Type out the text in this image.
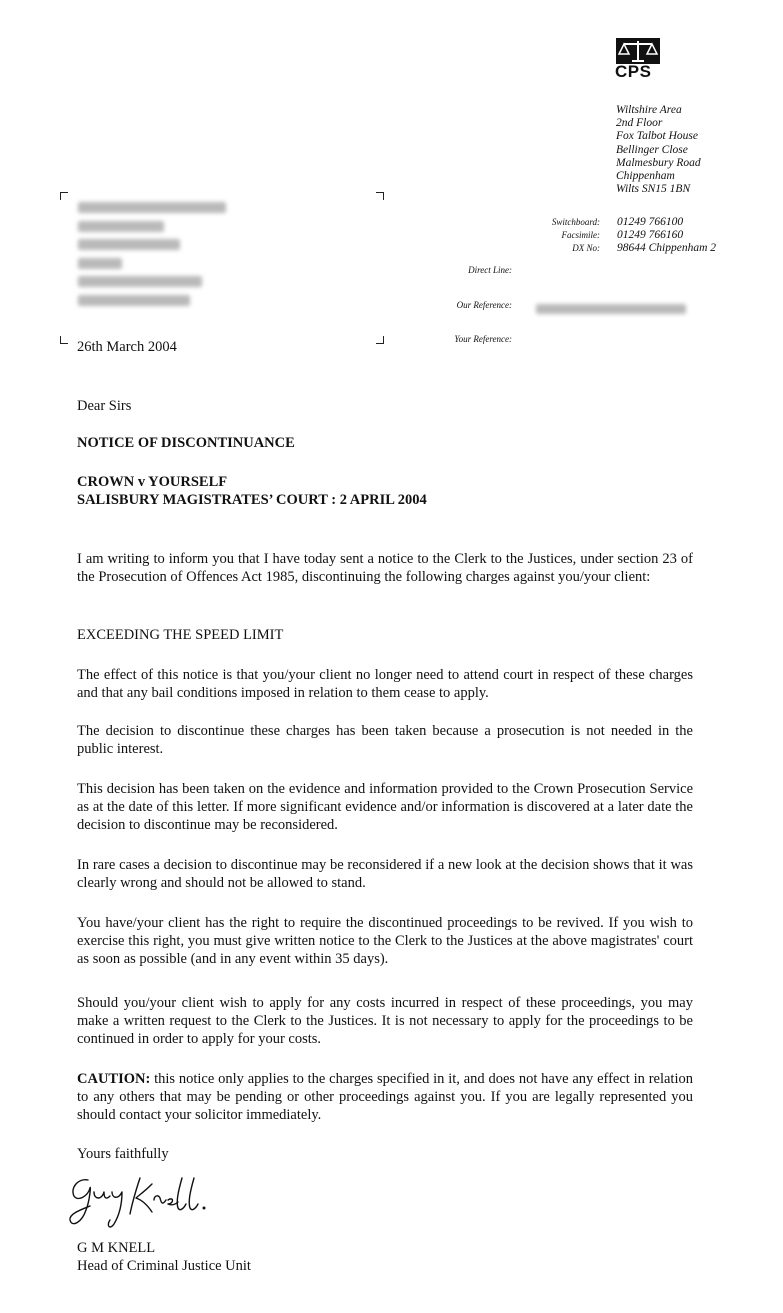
CPS
Wiltshire Area
2nd Floor
Fox Talbot House
Bellinger Close
Malmesbury Road
Chippenham
Wilts SN15 1BN
Switchboard:
Facsimile:
DX No:
01249 766100
01249 766160
98644 Chippenham 2
Direct Line:
Our Reference:
Your Reference:
26th March 2004
Dear Sirs
NOTICE OF DISCONTINUANCE
CROWN v YOURSELF
SALISBURY MAGISTRATES’ COURT : 2 APRIL 2004

I am writing to inform you that I have today sent a notice to the Clerk to the Justices, under section 23 of the Prosecution of Offences Act 1985, discontinuing the following charges against you/your client:

EXCEEDING THE SPEED LIMIT

The effect of this notice is that you/your client no longer need to attend court in respect of these charges and that any bail conditions imposed in relation to them cease to apply.

The decision to discontinue these charges has been taken because a prosecution is not needed in the public interest.

This decision has been taken on the evidence and information provided to the Crown Prosecution Service as at the date of this letter. If more significant evidence and/or information is discovered at a later date the decision to discontinue may be reconsidered.

In rare cases a decision to discontinue may be reconsidered if a new look at the decision shows that it was clearly wrong and should not be allowed to stand.

You have/your client has the right to require the discontinued proceedings to be revived. If you wish to exercise this right, you must give written notice to the Clerk to the Justices at the above magistrates' court as soon as possible (and in any event within 35 days).

Should you/your client wish to apply for any costs incurred in respect of these proceedings, you may make a written request to the Clerk to the Justices. It is not necessary to apply for the proceedings to be continued in order to apply for your costs.

CAUTION: this notice only applies to the charges specified in it, and does not have any effect in relation to any others that may be pending or other proceedings against you. If you are legally represented you should contact your solicitor immediately.

Yours faithfully
G M KNELL
Head of Criminal Justice Unit
